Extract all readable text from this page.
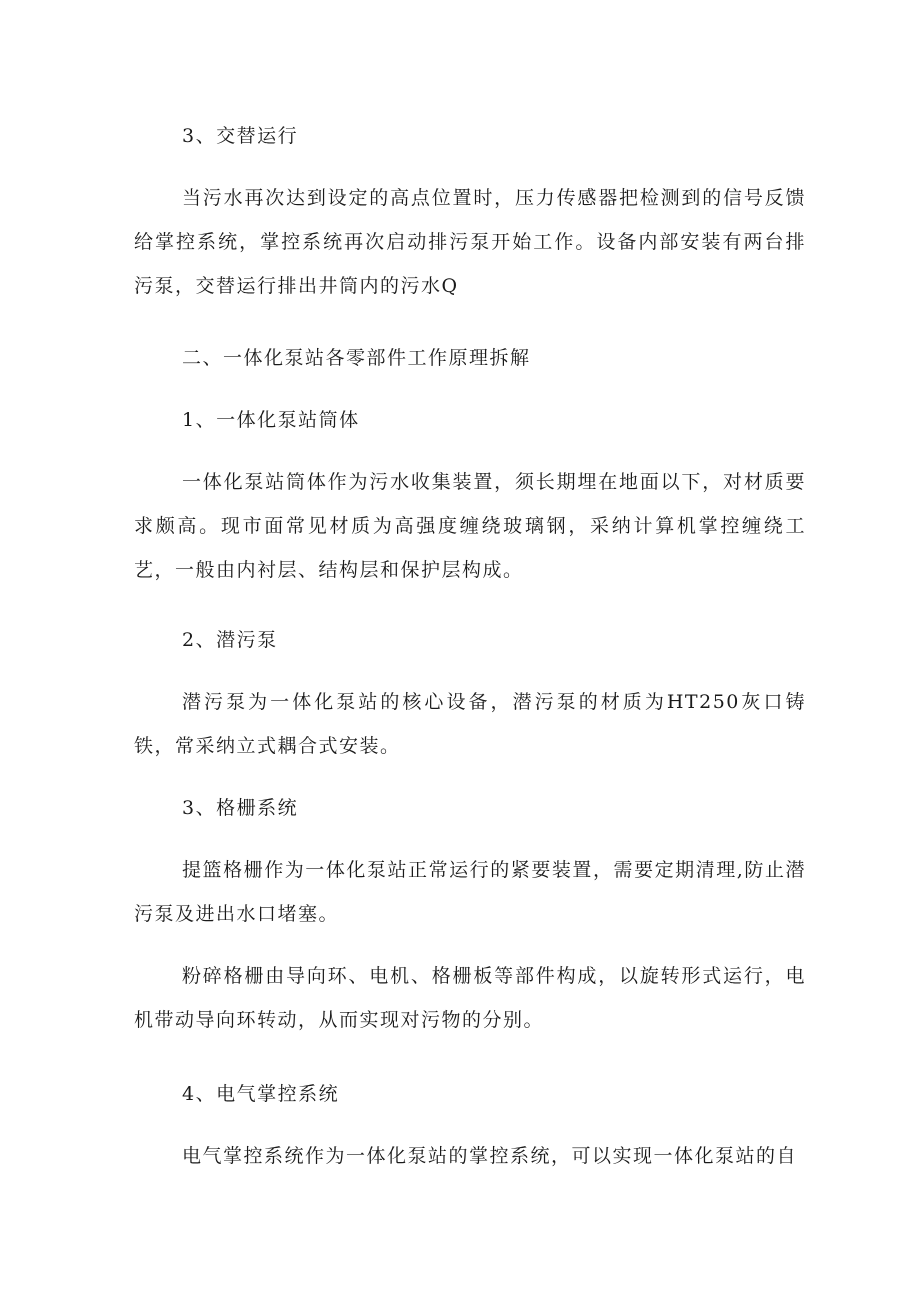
3、交替运行

当污水再次达到设定的高点位置时，压力传感器把检测到的信号反馈给掌控系统，掌控系统再次启动排污泵开始工作。设备内部安装有两台排污泵，交替运行排出井筒内的污水Q

二、一体化泵站各零部件工作原理拆解

1、一体化泵站筒体

一体化泵站筒体作为污水收集装置，须长期埋在地面以下，对材质要求颇高。现市面常见材质为高强度缠绕玻璃钢，采纳计算机掌控缠绕工艺，一般由内衬层、结构层和保护层构成。

2、潜污泵

潜污泵为一体化泵站的核心设备，潜污泵的材质为HT250灰口铸铁，常采纳立式耦合式安装。

3、格栅系统

提篮格栅作为一体化泵站正常运行的紧要装置，需要定期清理,防止潜污泵及进出水口堵塞。

粉碎格栅由导向环、电机、格栅板等部件构成，以旋转形式运行，电机带动导向环转动，从而实现对污物的分别。

4、电气掌控系统

电气掌控系统作为一体化泵站的掌控系统，可以实现一体化泵站的自
